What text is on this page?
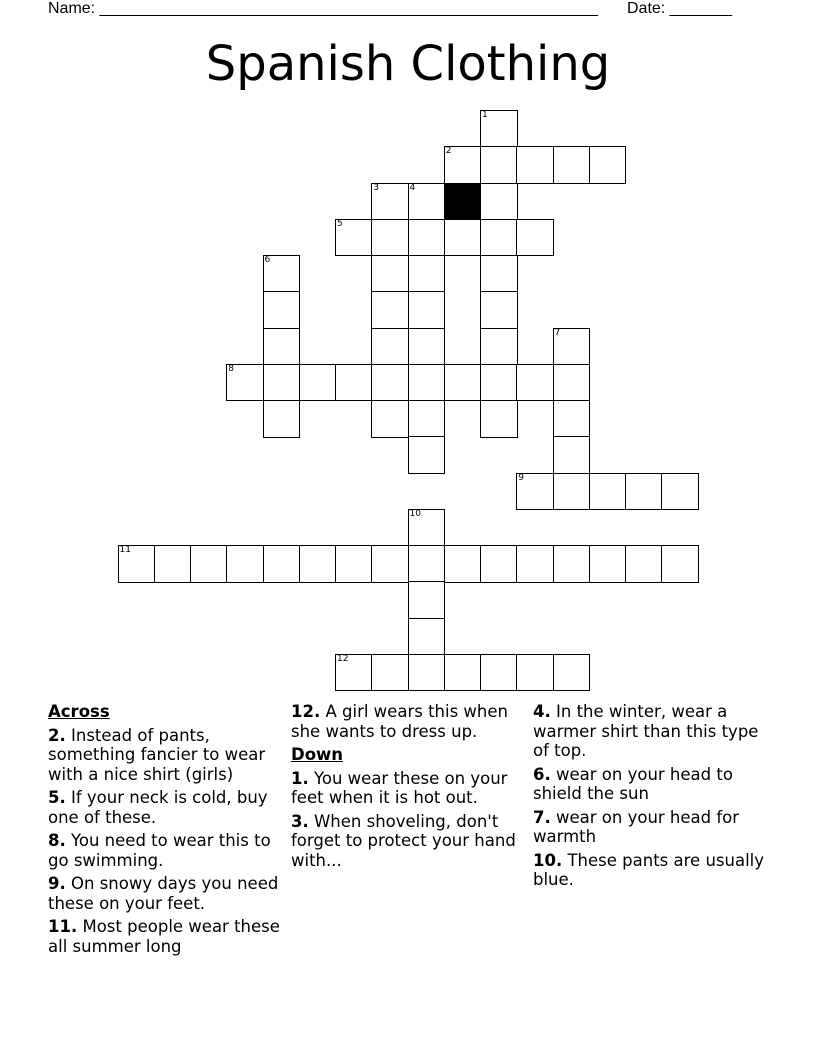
Name: ________________________________________________________ Date: _______
Spanish Clothing
1
2
3	4
5
6
7
8
9
10
11
12
Across
2. Instead of pants, something fancier to wear with a nice shirt (girls)
5. If your neck is cold, buy one of these.
8. You need to wear this to go swimming.
9. On snowy days you need these on your feet.
11. Most people wear these all summer long
12. A girl wears this when she wants to dress up.
Down
1. You wear these on your feet when it is hot out.
3. When shoveling, don't forget to protect your hand with...
4. In the winter, wear a warmer shirt than this type of top.
6. wear on your head to shield the sun
7. wear on your head for warmth
10. These pants are usually blue.
